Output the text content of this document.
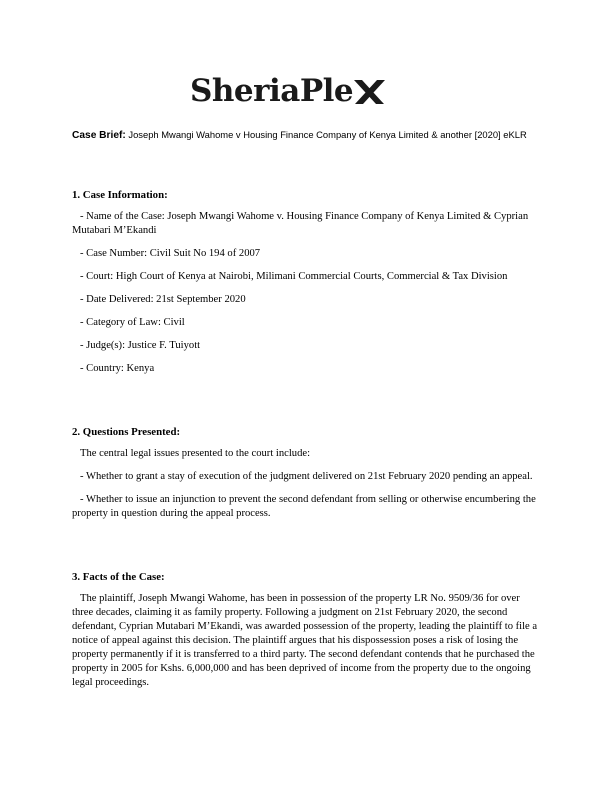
SheriaPle
Case Brief: Joseph Mwangi Wahome v Housing Finance Company of Kenya Limited & another [2020] eKLR

1. Case Information:

- Name of the Case: Joseph Mwangi Wahome v. Housing Finance Company of Kenya Limited & Cyprian Mutabari M’Ekandi

- Case Number: Civil Suit No 194 of 2007

- Court: High Court of Kenya at Nairobi, Milimani Commercial Courts, Commercial & Tax Division

- Date Delivered: 21st September 2020

- Category of Law: Civil

- Judge(s): Justice F. Tuiyott

- Country: Kenya

2. Questions Presented:

The central legal issues presented to the court include:

- Whether to grant a stay of execution of the judgment delivered on 21st February 2020 pending an appeal.

- Whether to issue an injunction to prevent the second defendant from selling or otherwise encumbering the property in question during the appeal process.

3. Facts of the Case:

The plaintiff, Joseph Mwangi Wahome, has been in possession of the property LR No. 9509/36 for over three decades, claiming it as family property. Following a judgment on 21st February 2020, the second defendant, Cyprian Mutabari M’Ekandi, was awarded possession of the property, leading the plaintiff to file a notice of appeal against this decision. The plaintiff argues that his dispossession poses a risk of losing the property permanently if it is transferred to a third party. The second defendant contends that he purchased the property in 2005 for Kshs. 6,000,000 and has been deprived of income from the property due to the ongoing legal proceedings.
